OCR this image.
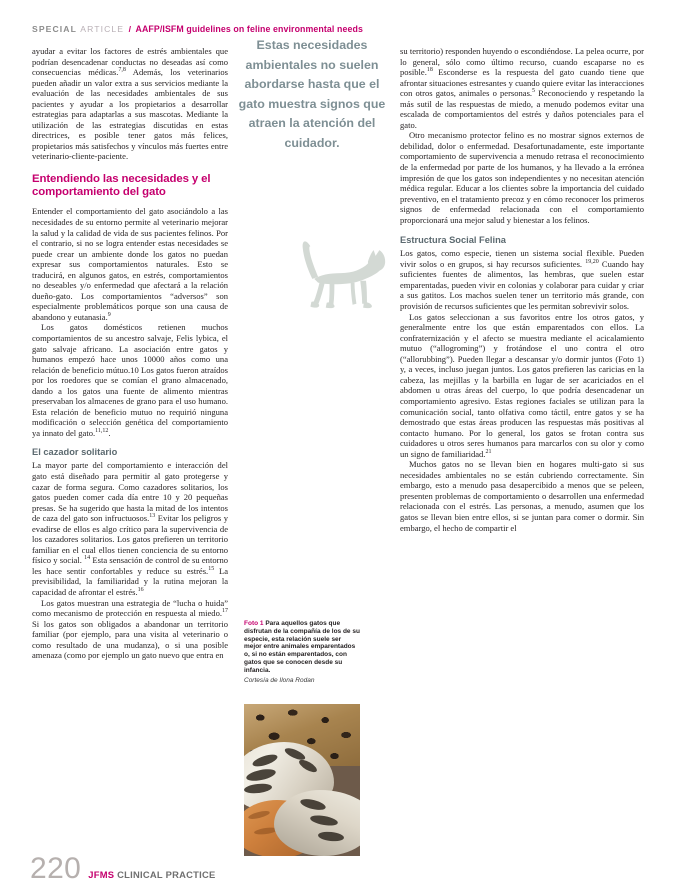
SPECIAL ARTICLE / AAFP/ISFM guidelines on feline environmental needs

ayudar a evitar los factores de estrés ambientales que podrían desencadenar conductas no deseadas así como consecuencias médicas.$^{7,8}$ Además, los veterinarios pueden añadir un valor extra a sus servicios mediante la evaluación de las necesidades ambientales de sus pacientes y ayudar a los propietarios a desarrollar estrategias para adaptarlas a sus mascotas. Mediante la utilización de las estrategias discutidas en estas directrices, es posible tener gatos más felices, propietarios más satisfechos y vínculos más fuertes entre veterinario-cliente-paciente.

Entendiendo las necesidades y el comportamiento del gato

Entender el comportamiento del gato asociándolo a las necesidades de su entorno permite al veterinario mejorar la salud y la calidad de vida de sus pacientes felinos. Por el contrario, si no se logra entender estas necesidades se puede crear un ambiente donde los gatos no puedan expresar sus comportamientos naturales. Esto se traducirá, en algunos gatos, en estrés, comportamientos no deseables y/o enfermedad que afectará a la relación dueño-gato. Los comportamientos “adversos” son especialmente problemáticos porque son una causa de abandono y eutanasia.$^9$

Los gatos domésticos retienen muchos comportamientos de su ancestro salvaje, Felis lybica, el gato salvaje africano. La asociación entre gatos y humanos empezó hace unos 10000 años como una relación de beneficio mútuo.10 Los gatos fueron atraídos por los roedores que se comían el grano almacenado, dando a los gatos una fuente de alimento mientras preservaban los almacenes de grano para el uso humano. Esta relación de beneficio mutuo no requirió ninguna modificación o selección genética del comportamiento ya innato del gato.$^{11,12}$.

El cazador solitario

La mayor parte del comportamiento e interacción del gato está diseñado para permitir al gato protegerse y cazar de forma segura. Como cazadores solitarios, los gatos pueden comer cada día entre 10 y 20 pequeñas presas. Se ha sugerido que hasta la mitad de los intentos de caza del gato son infructuosos.$^{13}$ Evitar los peligros y evadirse de ellos es algo crítico para la supervivencia de los cazadores solitarios. Los gatos prefieren un territorio familiar en el cual ellos tienen conciencia de su entorno físico y social. $^{14}$ Esta sensación de control de su entorno les hace sentir confortables y reduce su estrés.$^{15}$ La previsibilidad, la familiaridad y la rutina mejoran la capacidad de afrontar el estrés.$^{16}$

Los gatos muestran una estrategia de “lucha o huida” como mecanismo de protección en respuesta al miedo.$^{17}$ Si los gatos son obligados a abandonar un territorio familiar (por ejemplo, para una visita al veterinario o como resultado de una mudanza), o si una posible amenaza (como por ejemplo un gato nuevo que entra en

Estas necesidades ambientales no suelen abordarse hasta que el gato muestra signos que atraen la atención del cuidador.
Foto 1 Para aquellos gatos que disfrutan de la compañía de los de su especie, esta relación suele ser mejor entre animales emparentados o, si no están emparentados, con gatos que se conocen desde su infancia.
Cortesía de Ilona Rodan

su territorio) responden huyendo o escondiéndose. La pelea ocurre, por lo general, sólo como último recurso, cuando escaparse no es posible.$^{18}$ Esconderse es la respuesta del gato cuando tiene que afrontar situaciones estresantes y cuando quiere evitar las interacciones con otros gatos, animales o personas.$^5$ Reconociendo y respetando la más sutil de las respuestas de miedo, a menudo podemos evitar una escalada de comportamientos del estrés y daños potenciales para el gato.

Otro mecanismo protector felino es no mostrar signos externos de debilidad, dolor o enfermedad. Desafortunadamente, este importante comportamiento de supervivencia a menudo retrasa el reconocimiento de la enfermedad por parte de los humanos, y ha llevado a la errónea impresión de que los gatos son independientes y no necesitan atención médica regular. Educar a los clientes sobre la importancia del cuidado preventivo, en el tratamiento precoz y en cómo reconocer los primeros signos de enfermedad relacionada con el comportamiento proporcionará una mejor salud y bienestar a los felinos.

Estructura Social Felina

Los gatos, como especie, tienen un sistema social flexible. Pueden vivir solos o en grupos, si hay recursos suficientes. $^{19,20}$ Cuando hay suficientes fuentes de alimentos, las hembras, que suelen estar emparentadas, pueden vivir en colonias y colaborar para cuidar y criar a sus gatitos. Los machos suelen tener un territorio más grande, con provisión de recursos suficientes que les permitan sobrevivir solos.

Los gatos seleccionan a sus favoritos entre los otros gatos, y generalmente entre los que están emparentados con ellos. La confraternización y el afecto se muestra mediante el acicalamiento mutuo (“allogroming”) y frotándose el uno contra el otro (“allorubbing”). Pueden llegar a descansar y/o dormir juntos (Foto 1) y, a veces, incluso juegan juntos. Los gatos prefieren las caricias en la cabeza, las mejillas y la barbilla en lugar de ser acariciados en el abdomen u otras áreas del cuerpo, lo que podría desencadenar un comportamiento agresivo. Estas regiones faciales se utilizan para la comunicación social, tanto olfativa como táctil, entre gatos y se ha demostrado que estas áreas producen las respuestas más positivas al contacto humano. Por lo general, los gatos se frotan contra sus cuidadores u otros seres humanos para marcarlos con su olor y como un signo de familiaridad.$^{21}$

Muchos gatos no se llevan bien en hogares multi-gato si sus necesidades ambientales no se están cubriendo correctamente. Sin embargo, esto a menudo pasa desapercibido a menos que se peleen, presenten problemas de comportamiento o desarrollen una enfermedad relacionada con el estrés. Las personas, a menudo, asumen que los gatos se llevan bien entre ellos, si se juntan para comer o dormir. Sin embargo, el hecho de compartir el

220 JFMS CLINICAL PRACTICE
